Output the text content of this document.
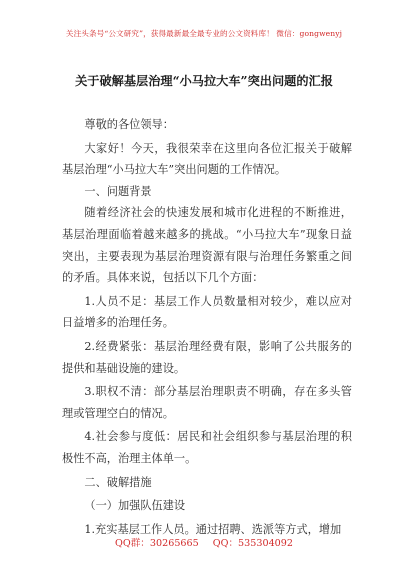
关注头条号“公文研究”，获得最新最全最专业的公文资料库！ 微信：gongwenyj
关于破解基层治理“小马拉大车”突出问题的汇报

尊敬的各位领导：

大家好！今天，我很荣幸在这里向各位汇报关于破解基层治理“小马拉大车”突出问题的工作情况。

一、问题背景

随着经济社会的快速发展和城市化进程的不断推进，基层治理面临着越来越多的挑战。“小马拉大车”现象日益突出，主要表现为基层治理资源有限与治理任务繁重之间的矛盾。具体来说，包括以下几个方面：

1.人员不足：基层工作人员数量相对较少，难以应对日益增多的治理任务。

2.经费紧张：基层治理经费有限，影响了公共服务的提供和基础设施的建设。

3.职权不清：部分基层治理职责不明确，存在多头管理或管理空白的情况。

4.社会参与度低：居民和社会组织参与基层治理的积极性不高，治理主体单一。

二、破解措施

（一）加强队伍建设

1.充实基层工作人员。通过招聘、选派等方式，增加

QQ群：30265665 QQ：535304092
